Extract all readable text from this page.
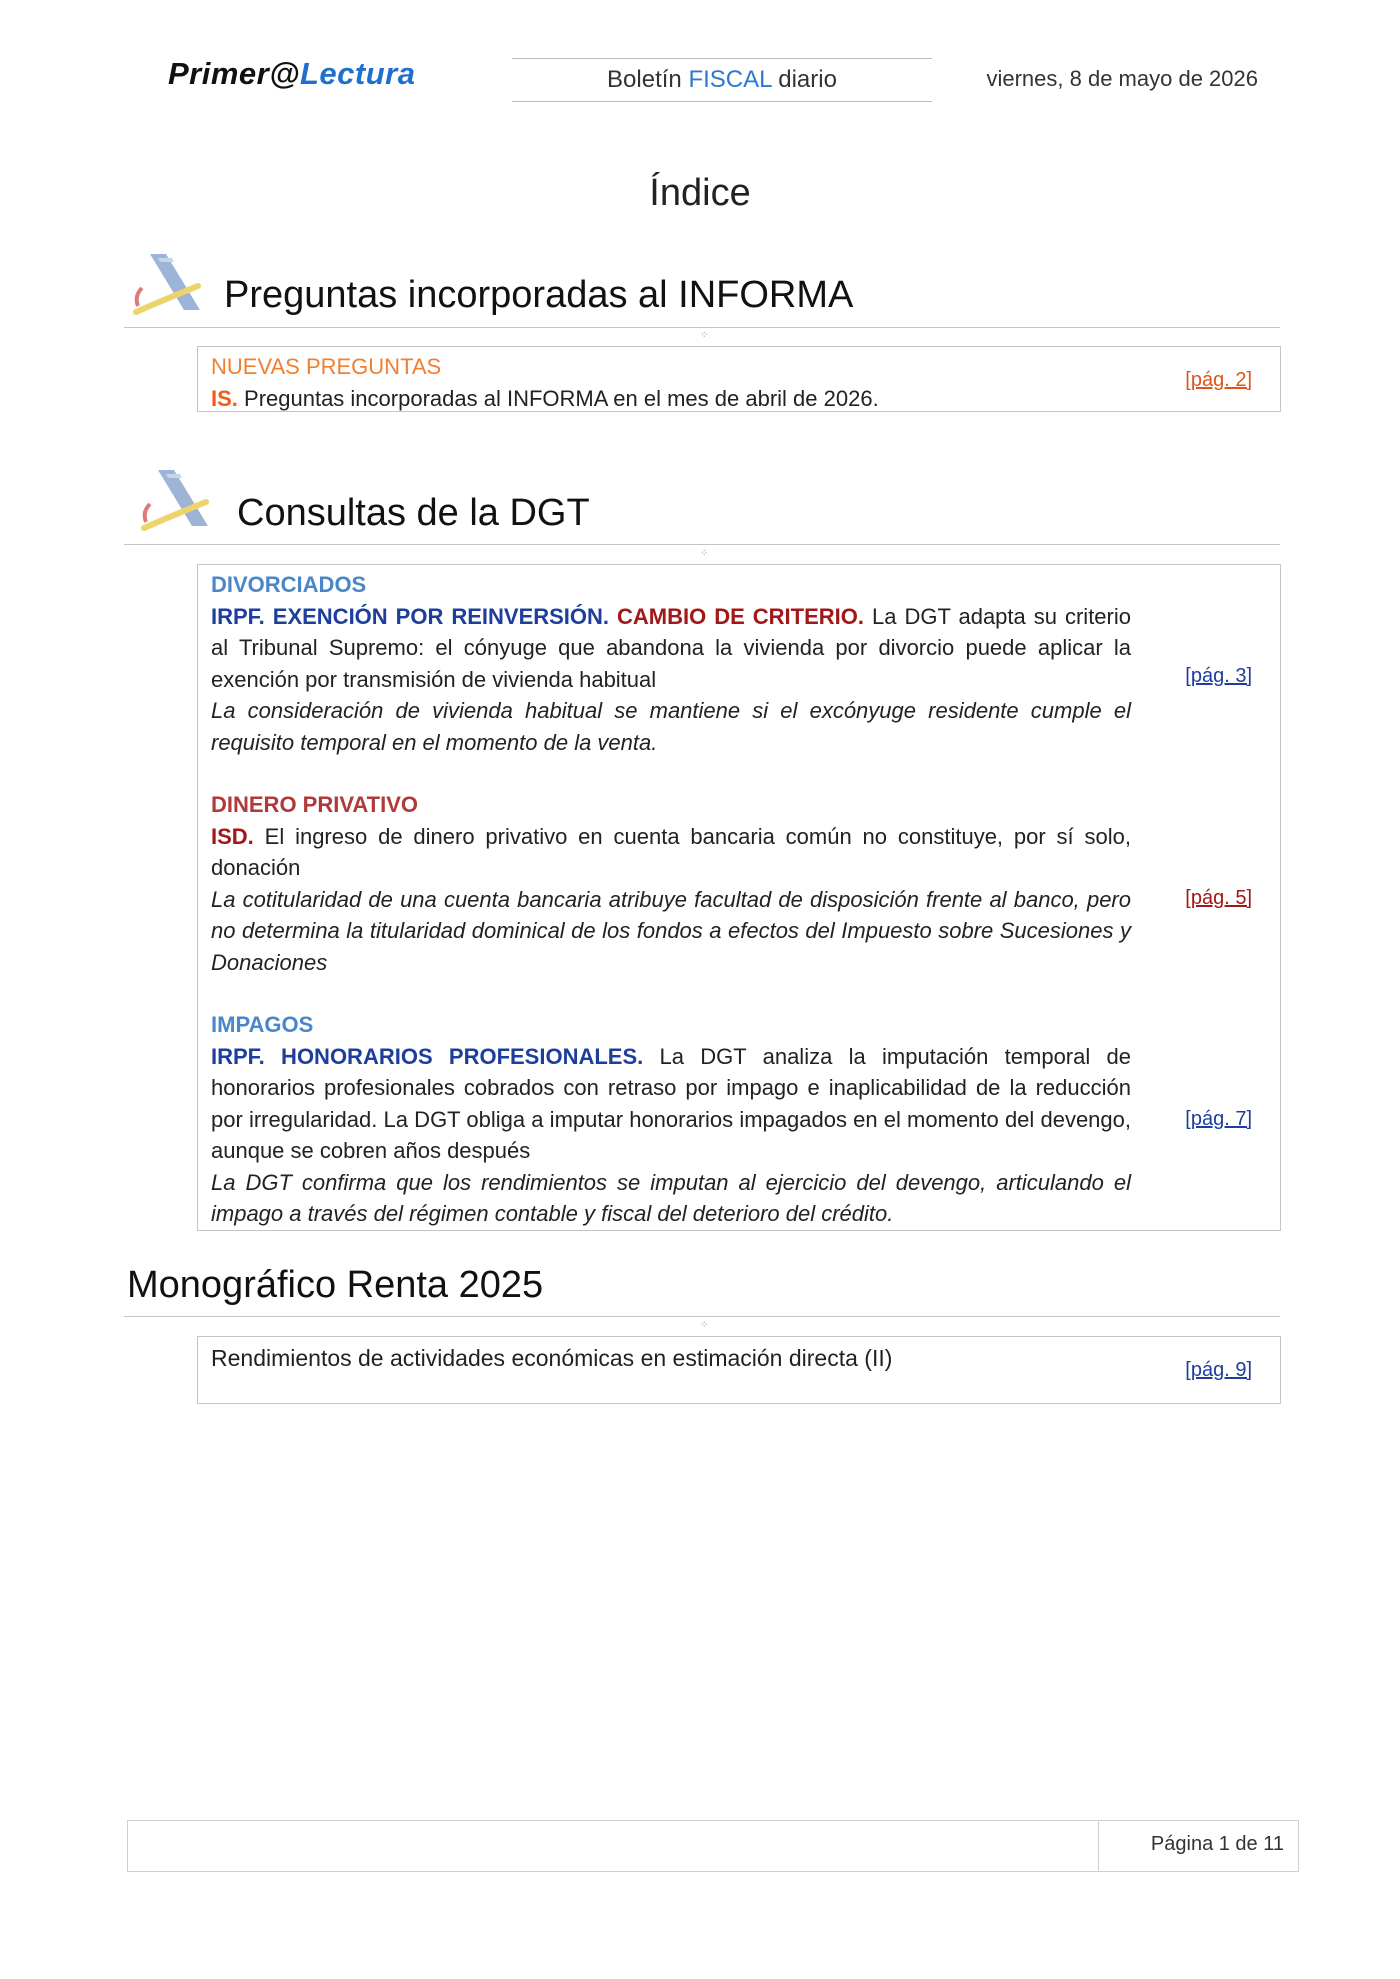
Primer@Lectura	Boletín FISCAL diario	viernes, 8 de mayo de 2026
Índice
Preguntas incorporadas al INFORMA
⁘

NUEVAS PREGUNTAS

IS. Preguntas incorporadas al INFORMA en el mes de abril de 2026.

[pág. 2]
Consultas de la DGT
⁘

DIVORCIADOS

IRPF. EXENCIÓN POR REINVERSIÓN. CAMBIO DE CRITERIO. La DGT adapta su criterio al Tribunal Supremo: el cónyuge que abandona la vivienda por divorcio puede aplicar la exención por transmisión de vivienda habitual

La consideración de vivienda habitual se mantiene si el excónyuge residente cumple el requisito temporal en el momento de la venta.

[pág. 3]

DINERO PRIVATIVO

ISD. El ingreso de dinero privativo en cuenta bancaria común no constituye, por sí solo, donación

La cotitularidad de una cuenta bancaria atribuye facultad de disposición frente al banco, pero no determina la titularidad dominical de los fondos a efectos del Impuesto sobre Sucesiones y Donaciones

[pág. 5]

IMPAGOS

IRPF. HONORARIOS PROFESIONALES. La DGT analiza la imputación temporal de honorarios profesionales cobrados con retraso por impago e inaplicabilidad de la reducción por irregularidad. La DGT obliga a imputar honorarios impagados en el momento del devengo, aunque se cobren años después

La DGT confirma que los rendimientos se imputan al ejercicio del devengo, articulando el impago a través del régimen contable y fiscal del deterioro del crédito.

[pág. 7]
Monográfico Renta 2025
⁘

Rendimientos de actividades económicas en estimación directa (II)	[pág. 9]
Página 1 de 11
